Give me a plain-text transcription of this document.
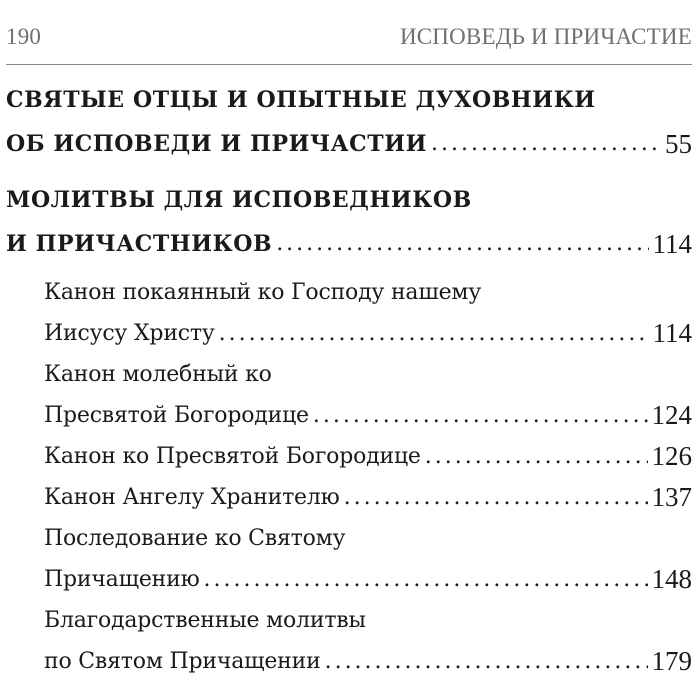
190	ИСПОВЕДЬ И ПРИЧАСТИЕ
СВЯТЫЕ ОТЦЫ И ОПЫТНЫЕ ДУХОВНИКИ
ОБ ИСПОВЕДИ И ПРИЧАСТИИ .....	55
МОЛИТВЫ ДЛЯ ИСПОВЕДНИКОВ
И ПРИЧАСТНИКОВ .....	114
Канон покаянный ко Господу нашему
Иисусу Христу .....	114
Канон молебный ко
Пресвятой Богородице .....	124
Канон ко Пресвятой Богородице .....	126
Канон Ангелу Хранителю .....	137
Последование ко Святому
Причащению .....	148
Благодарственные молитвы
по Святом Причащении .....	179
